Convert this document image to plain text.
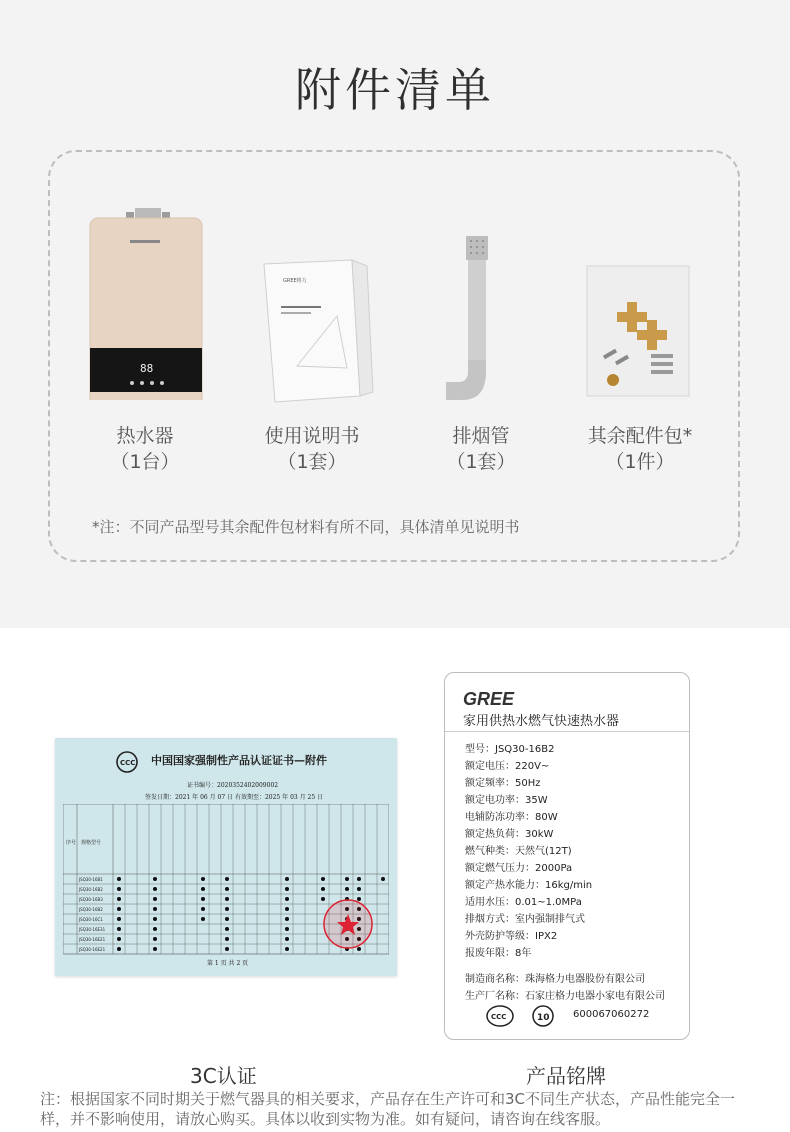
附件清单
88
热水器
（1台）
GREE格力
使用说明书
（1套）
排烟管
（1套）
其余配件包*
（1件）
*注：不同产品型号其余配件包材料有所不同，具体清单见说明书
CCC 中国国家强制性产品认证证书—附件
证书编号：2020352402009002
签发日期：2021 年 06 月 07 日 有效期至：2025 年 03 月 25 日
序号 规格型号
JSQ30-16B1
JSQ30-16B2
JSQ30-16B3
JSQ30-16B2
JSQ30-16C1
JSQ30-16E31
JSQ30-16E21
JSQ30-16E21
第 1 页 共 2 页
GREE
家用供热水燃气快速热水器
型号：JSQ30-16B2
额定电压：220V~
额定频率：50Hz
额定电功率：35W
电辅防冻功率：80W
额定热负荷：30kW
燃气种类：天然气(12T)
额定燃气压力：2000Pa
额定产热水能力：16kg/min
适用水压：0.01~1.0MPa
排烟方式：室内强制排气式
外壳防护等级：IPX2
报废年限：8年
制造商名称：珠海格力电器股份有限公司
生产厂名称：石家庄格力电器小家电有限公司
CCC	10 600067060272
3C认证	产品铭牌
注：根据国家不同时期关于燃气器具的相关要求，产品存在生产许可和3C不同生产状态，产品性能完全一样，并不影响使用，请放心购买。具体以收到实物为准。如有疑问，请咨询在线客服。
